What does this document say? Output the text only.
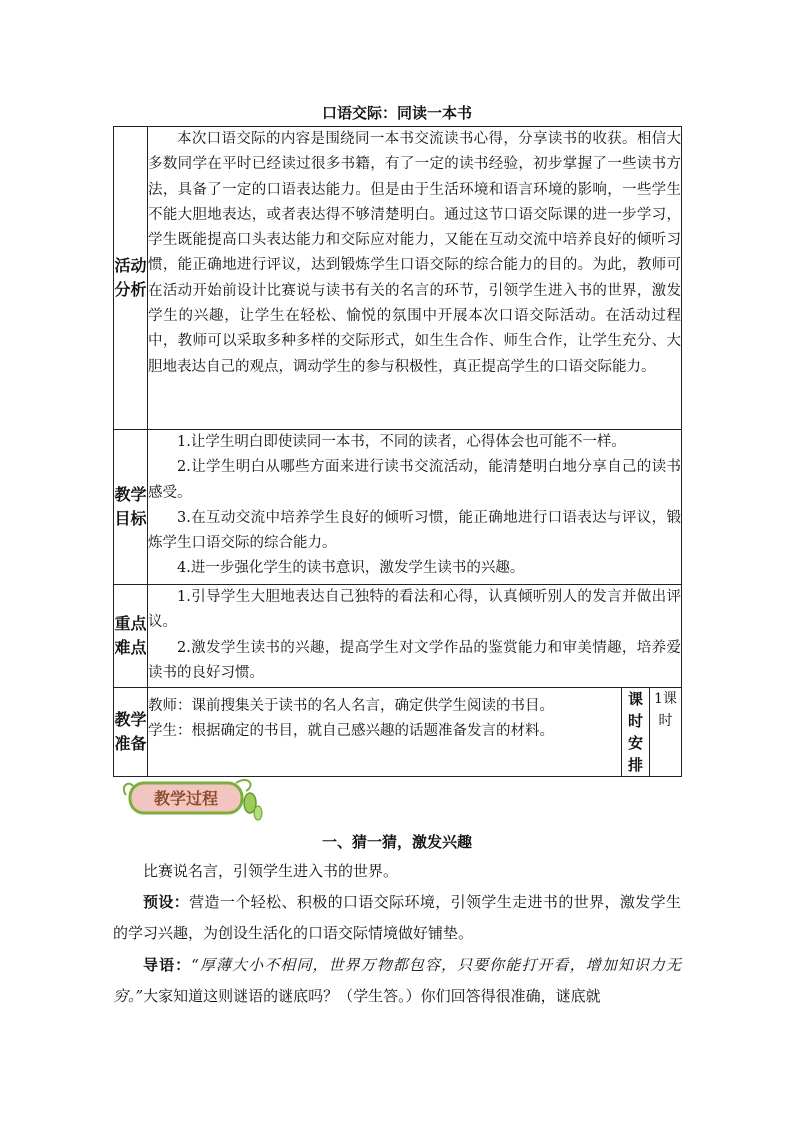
口语交际：同读一本书
活动分析	本次口语交际的内容是围绕同一本书交流读书心得，分享读书的收获。相信大多数同学在平时已经读过很多书籍，有了一定的读书经验，初步掌握了一些读书方法，具备了一定的口语表达能力。但是由于生活环境和语言环境的影响，一些学生不能大胆地表达，或者表达得不够清楚明白。通过这节口语交际课的进一步学习，学生既能提高口头表达能力和交际应对能力，又能在互动交流中培养良好的倾听习惯，能正确地进行评议，达到锻炼学生口语交际的综合能力的目的。为此，教师可在活动开始前设计比赛说与读书有关的名言的环节，引领学生进入书的世界，激发学生的兴趣，让学生在轻松、愉悦的氛围中开展本次口语交际活动。在活动过程中，教师可以采取多种多样的交际形式，如生生合作、师生合作，让学生充分、大胆地表达自己的观点，调动学生的参与积极性，真正提高学生的口语交际能力。		

教学目标	1.让学生明白即使读同一本书，不同的读者，心得体会也可能不一样。

2.让学生明白从哪些方面来进行读书交流活动，能清楚明白地分享自己的读书感受。

3.在互动交流中培养学生良好的倾听习惯，能正确地进行口语表达与评议，锻炼学生口语交际的综合能力。

4.进一步强化学生的读书意识，激发学生读书的兴趣。		

重点难点	1.引导学生大胆地表达自己独特的看法和心得，认真倾听别人的发言并做出评议。

2.激发学生读书的兴趣，提高学生对文学作品的鉴赏能力和审美情趣，培养爱读书的良好习惯。		

教学准备	教师：课前搜集关于读书的名人名言，确定供学生阅读的书目。

学生：根据确定的书目，就自己感兴趣的话题准备发言的材料。	课时安排	1课时
教学过程
一、猜一猜，激发兴趣

比赛说名言，引领学生进入书的世界。

预设：营造一个轻松、积极的口语交际环境，引领学生走进书的世界，激发学生的学习兴趣，为创设生活化的口语交际情境做好铺垫。

导语：“厚薄大小不相同，世界万物都包容，只要你能打开看，增加知识力无穷。”大家知道这则谜语的谜底吗？（学生答。）你们回答得很准确，谜底就
